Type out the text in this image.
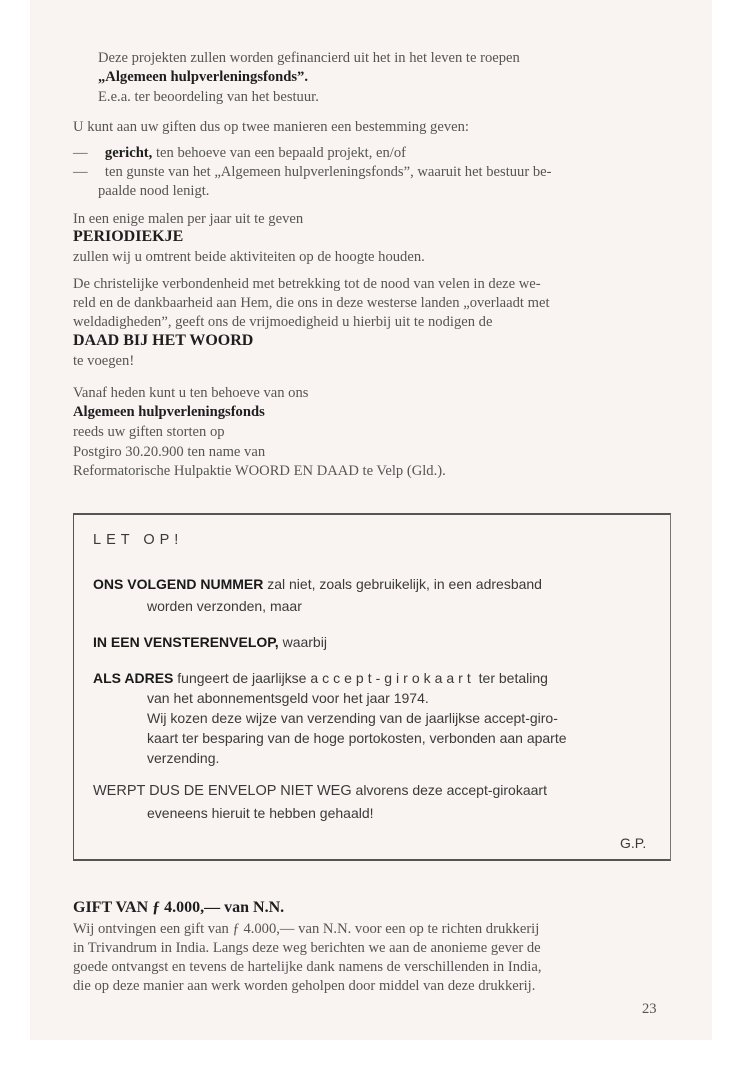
Deze projekten zullen worden gefinancierd uit het in het leven te roepen
„Algemeen hulpverleningsfonds”.
E.e.a. ter beoordeling van het bestuur.
U kunt aan uw giften dus op twee manieren een bestemming geven:
— gericht, ten behoeve van een bepaald projekt, en/of
— ten gunste van het „Algemeen hulpverleningsfonds”, waaruit het bestuur be-
paalde nood lenigt.
In een enige malen per jaar uit te geven
PERIODIEKJE
zullen wij u omtrent beide aktiviteiten op de hoogte houden.
De christelijke verbondenheid met betrekking tot de nood van velen in deze we-
reld en de dankbaarheid aan Hem, die ons in deze westerse landen „overlaadt met
weldadigheden”, geeft ons de vrijmoedigheid u hierbij uit te nodigen de
DAAD BIJ HET WOORD
te voegen!
Vanaf heden kunt u ten behoeve van ons
Algemeen hulpverleningsfonds
reeds uw giften storten op
Postgiro 30.20.900 ten name van
Reformatorische Hulpaktie WOORD EN DAAD te Velp (Gld.).
LET OP!
ONS VOLGEND NUMMER zal niet, zoals gebruikelijk, in een adresband
worden verzonden, maar
IN EEN VENSTERENVELOP, waarbij
ALS ADRES fungeert de jaarlijkse accept-girokaart ter betaling
van het abonnementsgeld voor het jaar 1974.
Wij kozen deze wijze van verzending van de jaarlijkse accept-giro-
kaart ter besparing van de hoge portokosten, verbonden aan aparte
verzending.
WERPT DUS DE ENVELOP NIET WEG alvorens deze accept-girokaart
eveneens hieruit te hebben gehaald!
G.P.
GIFT VAN ƒ 4.000,— van N.N.
Wij ontvingen een gift van ƒ 4.000,— van N.N. voor een op te richten drukkerij
in Trivandrum in India. Langs deze weg berichten we aan de anonieme gever de
goede ontvangst en tevens de hartelijke dank namens de verschillenden in India,
die op deze manier aan werk worden geholpen door middel van deze drukkerij.
23
